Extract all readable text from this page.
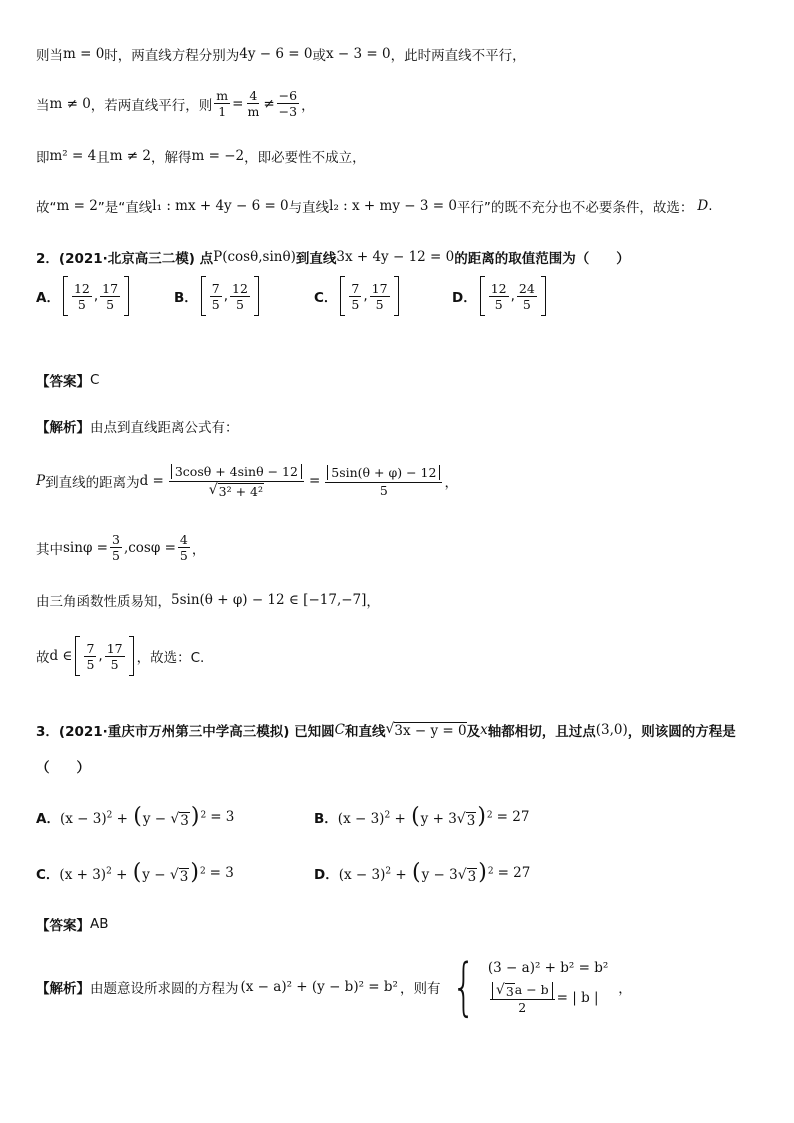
则当 m = 0 时，两直线方程分别为 4y − 6 = 0 或 x − 3 = 0 ，此时两直线不平行，
当 m ≠ 0 ，若两直线平行，则 $\frac{m}{1} = \frac{4}{m} \ne \frac{-6}{-3}$ ，
即 m² = 4 且 m ≠ 2 ，解得 m = −2 ，即必要性不成立，
故“ m = 2 ”是“直线 l₁ : mx + 4y − 6 = 0 与直线 l₂ : x + my − 3 = 0 平行”的既不充分也不必要条件，故选： D .
2．(2021·北京高三二模) 点 P(cosθ,sinθ) 到直线 3x + 4y − 12 = 0 的距离的取值范围为（　　）
A． $\frac{12}{5}$ , $\frac{17}{5}$	B． $\frac{7}{5}$ , $\frac{12}{5}$	C． $\frac{7}{5}$ , $\frac{17}{5}$	D． $\frac{12}{5}$ , $\frac{24}{5}$
【答案】 C
【解析】 由点到直线距离公式有：
P 到直线的距离为 $d = \frac{3\cos\theta + 4\sin\theta - 12}{\text{√ 3² + 4²}} = \frac{5\sin(\theta + \varphi) - 12}{5}$ ，
其中 $\sin\varphi = \frac{3}{5} ,\cos\varphi = \frac{4}{5}$ ，
由三角函数性质易知， 5sin(θ + φ) − 12 ∈ [−17,−7] ，
故 d ∈ $\frac{7}{5}$ , $\frac{17}{5}$ ，故选：C.
3．(2021·重庆市万州第三中学高三模拟) 已知圆 C 和直线 √ 3x − y = 0 及 x 轴都相切，且过点 (3,0) ，则该圆的方程是
（　　）
A． $(x - 3)^2 + (y$ − √ 3 )$^2$ = 3	B． $(x - 3)^2 + (y + 3$ √ 3 )$^2$ = 27
C． $(x + 3)^2 + (y$ − √ 3 )$^2$ = 3	D． $(x - 3)^2 + (y - 3$ √ 3 )$^2$ = 27
【答案】 AB
【解析】 由题意设所求圆的方程为 (x − a)² + (y − b)² = b² ，则有 { (3 − a)² + b² = b²
$\frac{√ 3 a - b}{2}$ = | b |
，
